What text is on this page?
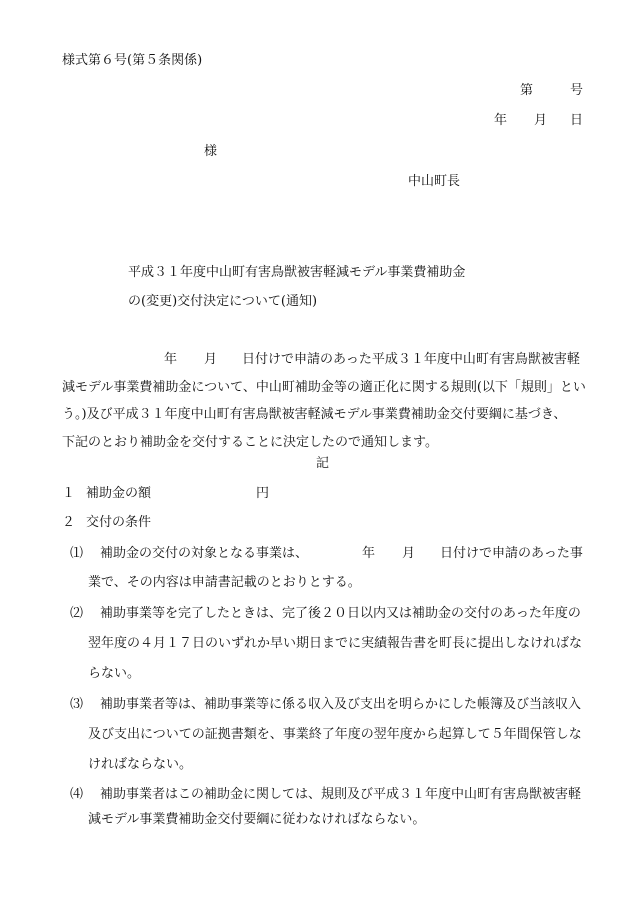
様式第６号(第５条関係)
第	号
年 月 日
様
中山町長
平成３１年度中山町有害鳥獣被害軽減モデル事業費補助金
の(変更)交付決定について(通知)
年 月 日付けで申請のあった平成３１年度中山町有害鳥獣被害軽
減モデル事業費補助金について、中山町補助金等の適正化に関する規則(以下「規則」とい
う。)及び平成３１年度中山町有害鳥獣被害軽減モデル事業費補助金交付要綱に基づき、
下記のとおり補助金を交付することに決定したので通知します。
記
１ 補助金の額	円
２ 交付の条件
⑴ 補助金の交付の対象となる事業は、	年 月 日付けで申請のあった事
業で、その内容は申請書記載のとおりとする。
⑵ 補助事業等を完了したときは、完了後２０日以内又は補助金の交付のあった年度の
翌年度の４月１７日のいずれか早い期日までに実績報告書を町長に提出しなければな
らない。
⑶ 補助事業者等は、補助事業等に係る収入及び支出を明らかにした帳簿及び当該収入
及び支出についての証拠書類を、事業終了年度の翌年度から起算して５年間保管しな
ければならない。
⑷ 補助事業者はこの補助金に関しては、規則及び平成３１年度中山町有害鳥獣被害軽
減モデル事業費補助金交付要綱に従わなければならない。
